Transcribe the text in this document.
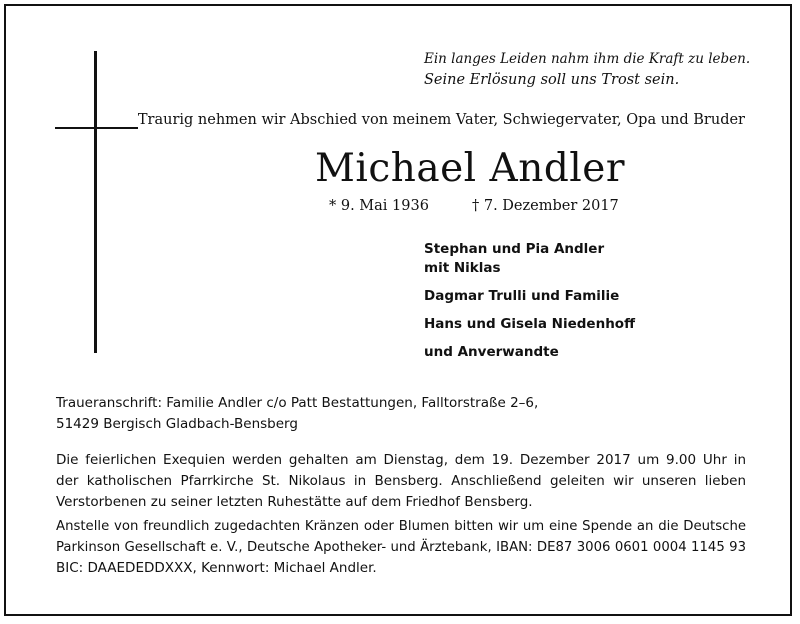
Ein langes Leiden nahm ihm die Kraft zu leben.
Seine Erlösung soll uns Trost sein.
Traurig nehmen wir Abschied von meinem Vater, Schwiegervater, Opa und Bruder
Michael Andler
* 9. Mai 1936	† 7. Dezember 2017
Stephan und Pia Andler
mit Niklas
Dagmar Trulli und Familie
Hans und Gisela Niedenhoff
und Anverwandte
Traueranschrift: Familie Andler c/o Patt Bestattungen, Falltorstraße 2–6,
51429 Bergisch Gladbach-Bensberg
Die feierlichen Exequien werden gehalten am Dienstag, dem 19. Dezember 2017 um 9.00 Uhr in
der katholischen Pfarrkirche St. Nikolaus in Bensberg. Anschließend geleiten wir unseren lieben
Verstorbenen zu seiner letzten Ruhestätte auf dem Friedhof Bensberg.
Anstelle von freundlich zugedachten Kränzen oder Blumen bitten wir um eine Spende an die Deutsche
Parkinson Gesellschaft e. V., Deutsche Apotheker- und Ärztebank, IBAN: DE87 3006 0601 0004 1145 93
BIC: DAAEDEDDXXX, Kennwort: Michael Andler.
